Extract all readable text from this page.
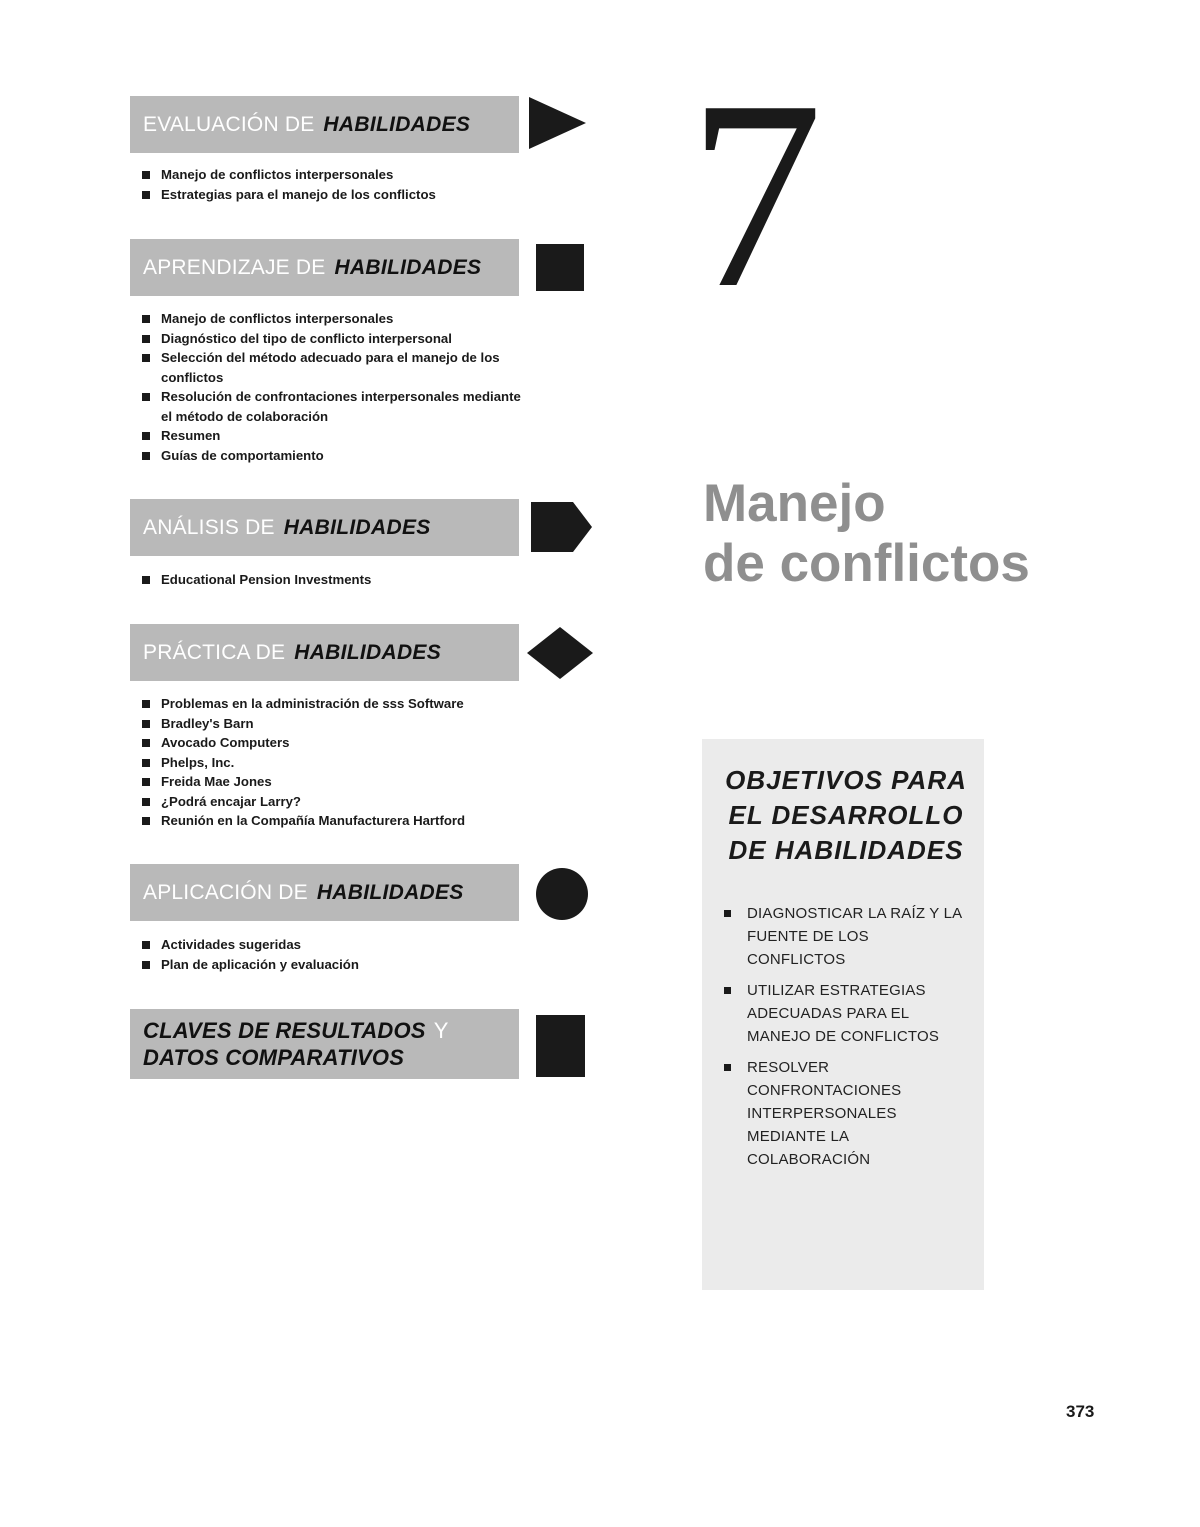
EVALUACIÓN DE HABILIDADES
Manejo de conflictos interpersonales
Estrategias para el manejo de los conflictos
APRENDIZAJE DE HABILIDADES
Manejo de conflictos interpersonales
Diagnóstico del tipo de conflicto interpersonal
Selección del método adecuado para el manejo de los conflictos
Resolución de confrontaciones interpersonales mediante el método de colaboración
Resumen
Guías de comportamiento
ANÁLISIS DE HABILIDADES
Educational Pension Investments
PRÁCTICA DE HABILIDADES
Problemas en la administración de sss Software
Bradley's Barn
Avocado Computers
Phelps, Inc.
Freida Mae Jones
¿Podrá encajar Larry?
Reunión en la Compañía Manufacturera Hartford
APLICACIÓN DE HABILIDADES
Actividades sugeridas
Plan de aplicación y evaluación
CLAVES DE RESULTADOS Y
DATOS COMPARATIVOS
7
Manejo
de conflictos
OBJETIVOS PARA
EL DESARROLLO
DE HABILIDADES
DIAGNOSTICAR LA RAÍZ Y LA FUENTE DE LOS CONFLICTOS
UTILIZAR ESTRATEGIAS ADECUADAS PARA EL MANEJO DE CONFLICTOS
RESOLVER CONFRONTACIONES INTERPERSONALES MEDIANTE LA COLABORACIÓN
373
